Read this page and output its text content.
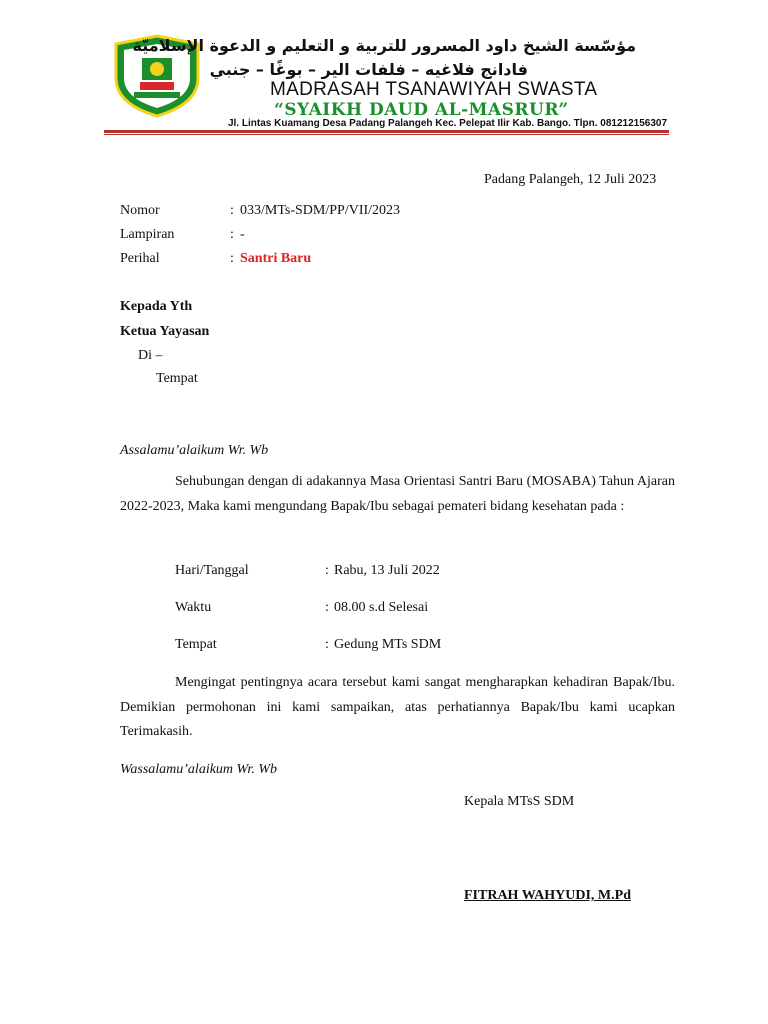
مؤسّسة الشيخ داود المسرور للتربية و التعليم و الدعوة الإسلاميّة
فادانج فلاغيه – فلفات الير – بوغًا – جنبي
MADRASAH TSANAWIYAH SWASTA
“SYAIKH DAUD AL-MASRUR”
Jl. Lintas Kuamang Desa Padang Palangeh Kec. Pelepat Ilir Kab. Bango. Tlpn. 081212156307
Padang Palangeh, 12 Juli 2023
Nomor	: 033/MTs-SDM/PP/VII/2023
Lampiran	: -
Perihal	: Santri Baru
Kepada Yth
Ketua Yayasan
Di –
Tempat
Assalamu’alaikum Wr. Wb
Sehubungan dengan di adakannya Masa Orientasi Santri Baru (MOSABA) Tahun Ajaran 2022-2023, Maka kami mengundang Bapak/Ibu sebagai pemateri bidang kesehatan pada :
Hari/Tanggal	: Rabu, 13 Juli 2022
Waktu	: 08.00 s.d Selesai
Tempat	: Gedung MTs SDM
Mengingat pentingnya acara tersebut kami sangat mengharapkan kehadiran Bapak/Ibu. Demikian permohonan ini kami sampaikan, atas perhatiannya Bapak/Ibu kami ucapkan Terimakasih.
Wassalamu’alaikum Wr. Wb
Kepala MTsS SDM
FITRAH WAHYUDI, M.Pd
